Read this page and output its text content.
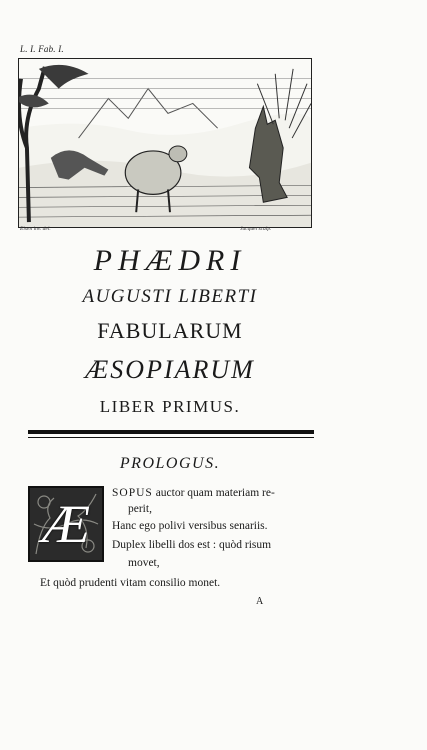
L. I. Fab. I.
Eisen inv. del.	Jacquet sculp.
PHÆDRI
AUGUSTI LIBERTI
FABULARUM
ÆSOPIARUM
LIBER PRIMUS.
PROLOGUS.
Æ
SOPUS auctor quam materiam re-
perit,
Hanc ego polivi versibus senariis.
Duplex libelli dos est : quòd risum
movet,
Et quòd prudenti vitam consilio monet.
A
